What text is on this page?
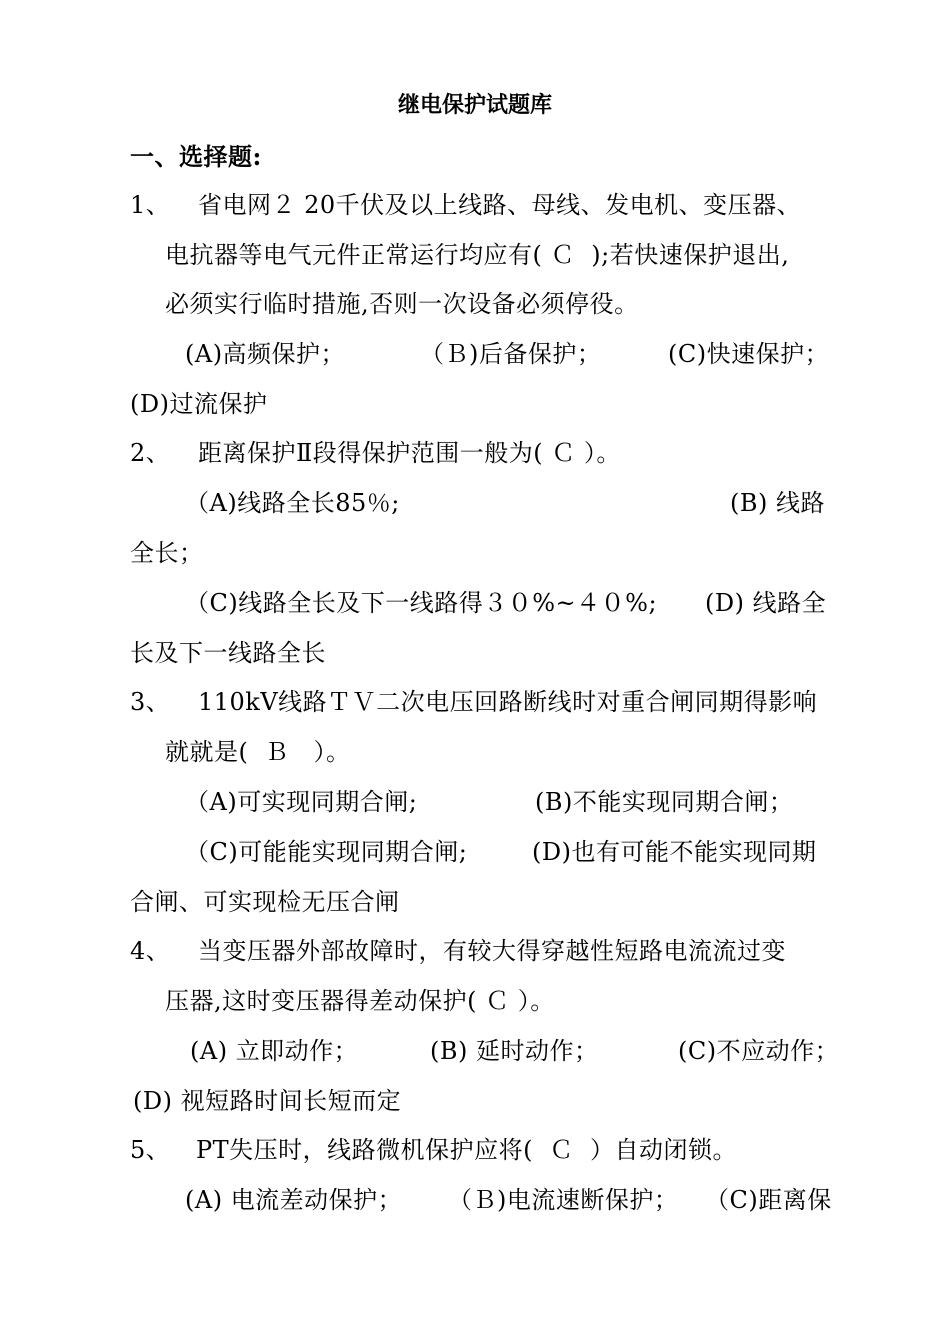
继电保护试题库
一、选择题:
1、 省电网２ 20千伏及以上线路、母线、发电机、变压器、
电抗器等电气元件正常运行均应有( Ｃ  );若快速保护退出,
必须实行临时措施,否则一次设备必须停役。
(A)高频保护；	（Ｂ)后备保护；	(C)快速保护；
(D)过流保护
2、 距离保护Ⅱ段得保护范围一般为( Ｃ ）。
（A)线路全长85％;	(B) 线路
全长；
（C)线路全长及下一线路得３０%~４０%; (D) 线路全
长及下一线路全长
3、 110kV线路ＴＶ二次电压回路断线时对重合闸同期得影响
就就是(  Ｂ   ）。
（A)可实现同期合闸;	(B)不能实现同期合闸；
（C)可能能实现同期合闸;	(D)也有可能不能实现同期
合闸、可实现检无压合闸
4、 当变压器外部故障时，有较大得穿越性短路电流流过变
压器,这时变压器得差动保护( Ｃ ）。
(A) 立即动作；	(B) 延时动作；	(C)不应动作；
(D) 视短路时间长短而定
5、 PT失压时，线路微机保护应将(  Ｃ  ）自动闭锁。
(A) 电流差动保护； （Ｂ)电流速断保护； （C)距离保
